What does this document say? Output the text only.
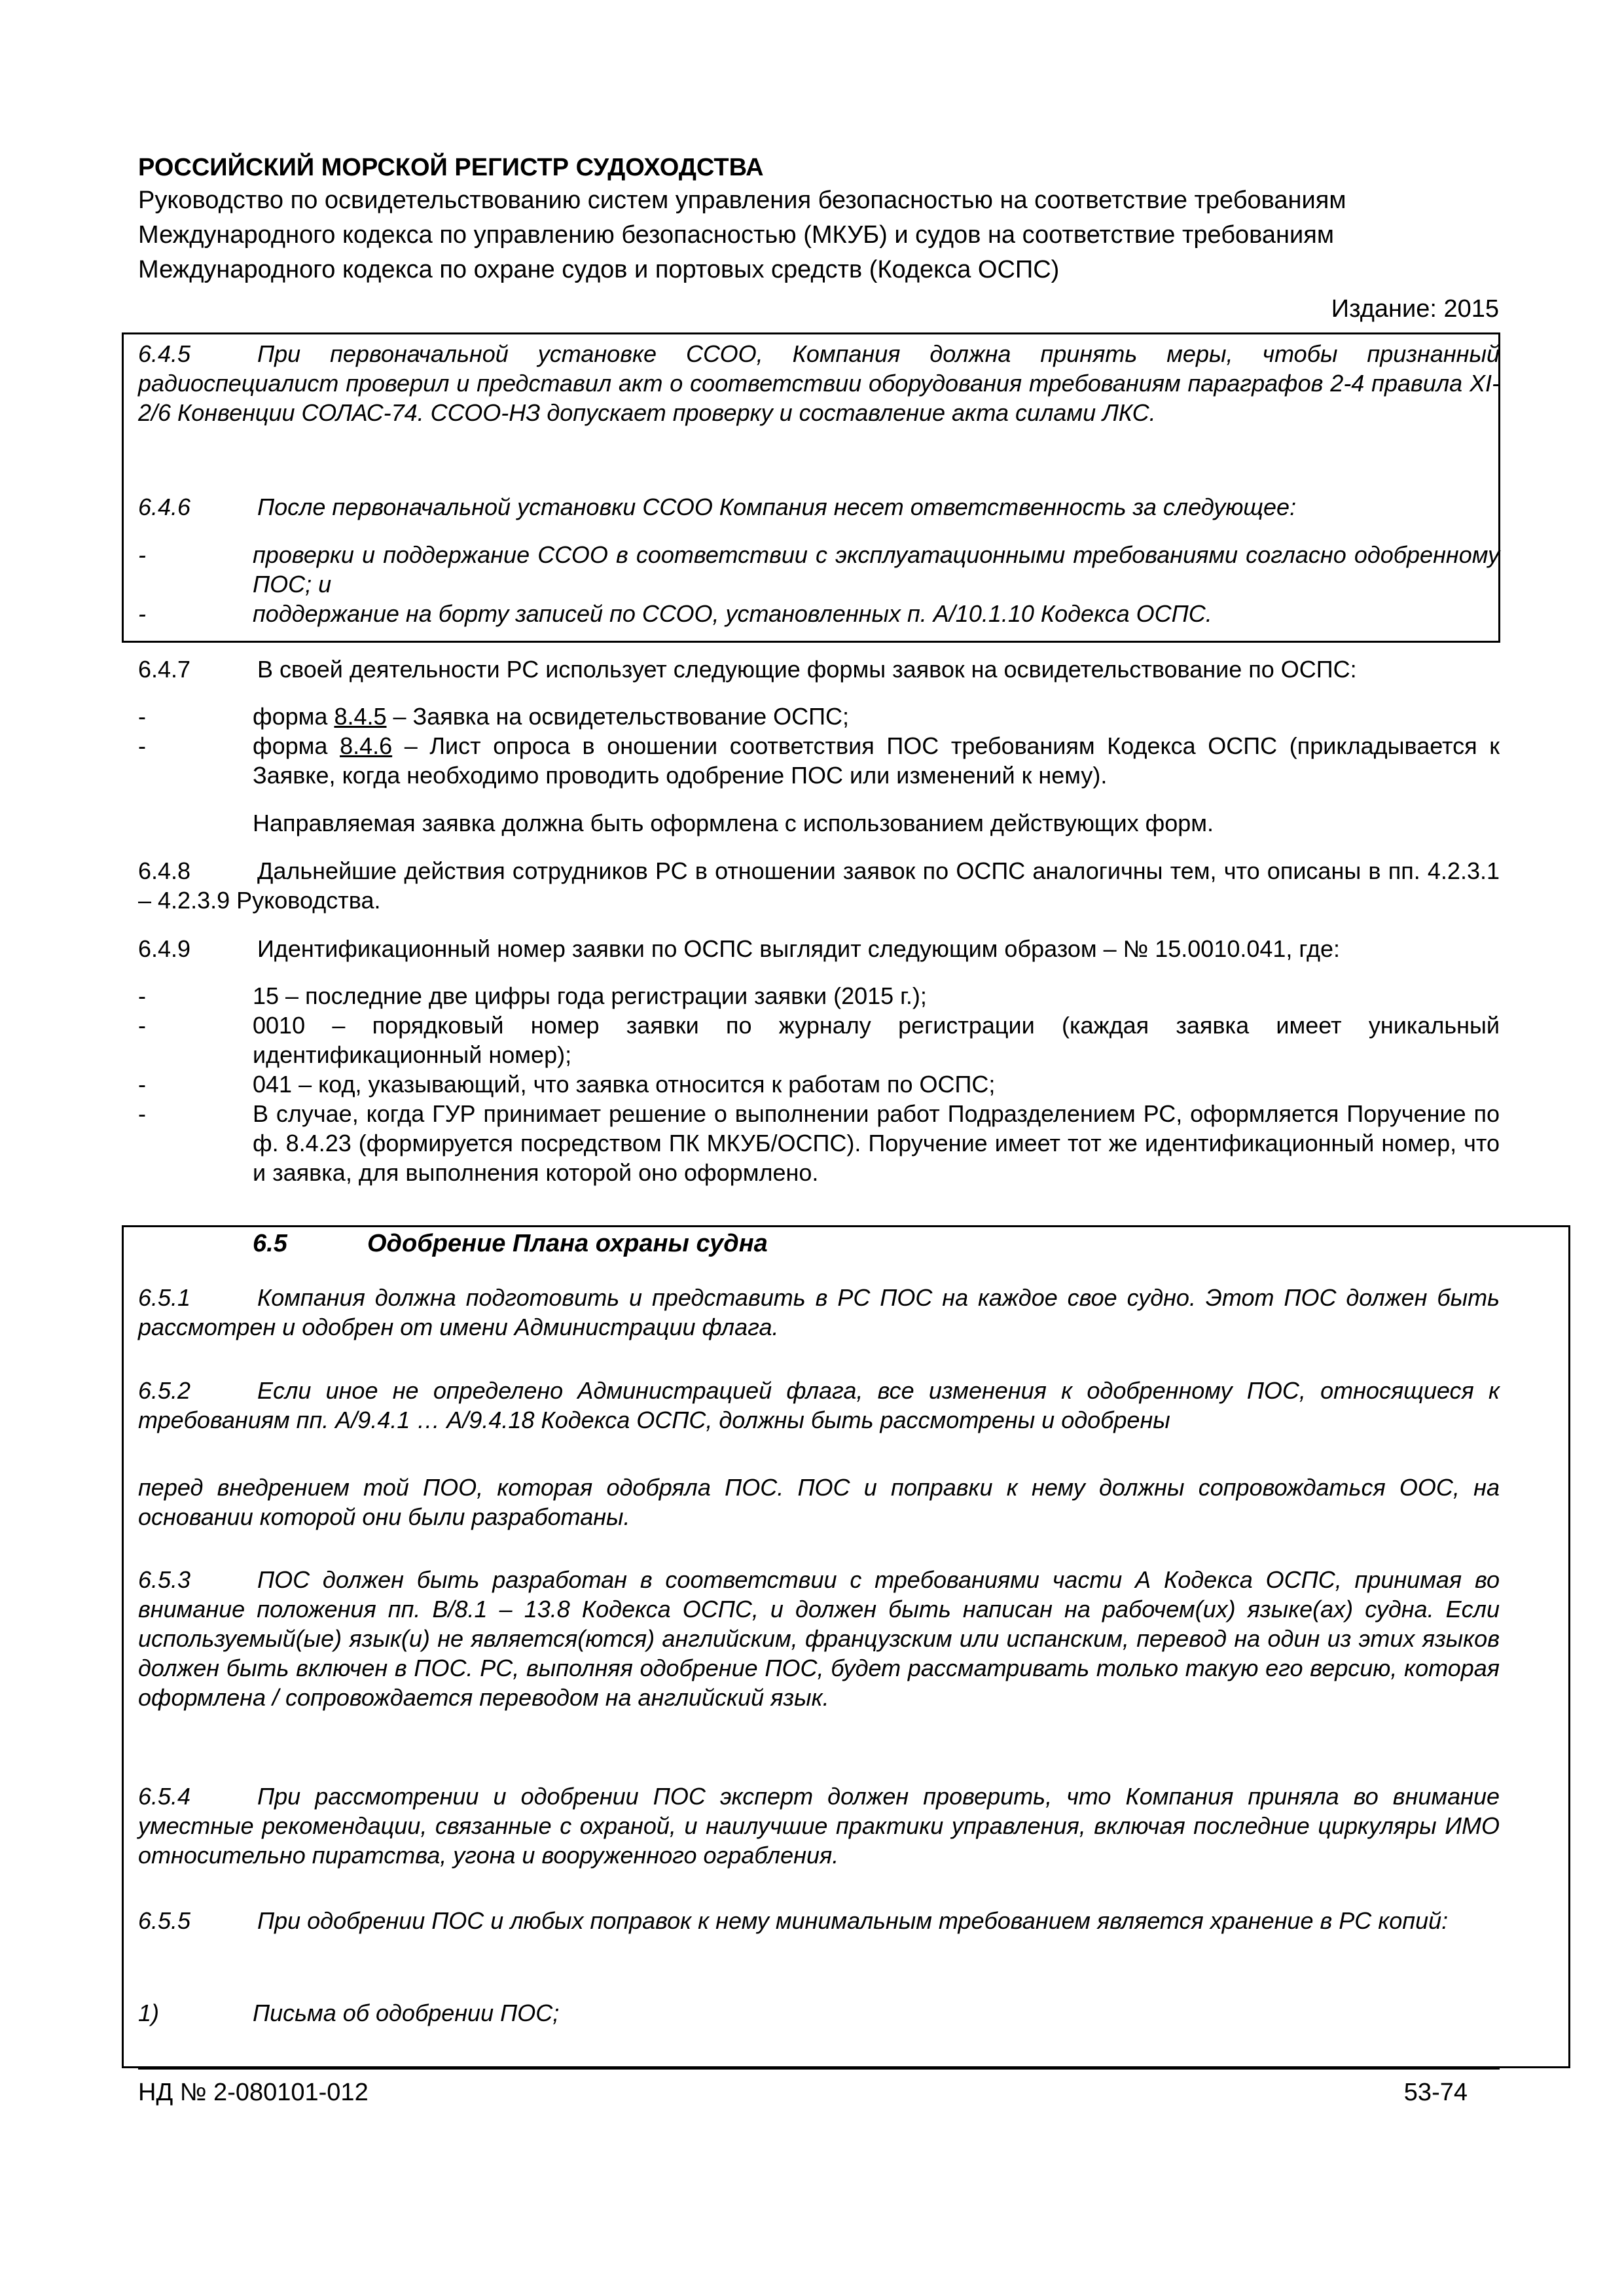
РОССИЙСКИЙ МОРСКОЙ РЕГИСТР СУДОХОДСТВА
Руководство по освидетельствованию систем управления безопасностью на соответствие требованиям
Международного кодекса по управлению безопасностью (МКУБ) и судов на соответствие требованиям
Международного кодекса по охране судов и портовых средств (Кодекса ОСПС)
Издание: 2015
6.4.5	При первоначальной установке ССОО, Компания должна принять меры, чтобы признанный радиоспециалист проверил и представил акт о соответствии оборудования требованиям параграфов 2-4 правила XI-2/6 Конвенции СОЛАС-74. ССОО-НЗ допускает проверку и составление акта силами ЛКС.
6.4.6	После первоначальной установки ССОО Компания несет ответственность за следующее:
-	проверки и поддержание ССОО в соответствии с эксплуатационными требованиями согласно одобренному ПОС; и
-	поддержание на борту записей по ССОО, установленных п. А/10.1.10 Кодекса ОСПС.
6.4.7	В своей деятельности РС использует следующие формы заявок на освидетельствование по ОСПС:
-	форма 8.4.5 – Заявка на освидетельствование ОСПС;
-	форма 8.4.6 – Лист опроса в оношении соответствия ПОС требованиям Кодекса ОСПС (прикладывается к Заявке, когда необходимо проводить одобрение ПОС или изменений к нему).
Направляемая заявка должна быть оформлена с использованием действующих форм.
6.4.8	Дальнейшие действия сотрудников РС в отношении заявок по ОСПС аналогичны тем, что описаны в пп. 4.2.3.1 – 4.2.3.9 Руководства.
6.4.9	Идентификационный номер заявки по ОСПС выглядит следующим образом – № 15.0010.041, где:
-	15 – последние две цифры года регистрации заявки (2015 г.);
-	0010 – порядковый номер заявки по журналу регистрации (каждая заявка имеет уникальный идентификационный номер);
-	041 – код, указывающий, что заявка относится к работам по ОСПС;
-	В случае, когда ГУР принимает решение о выполнении работ Подразделением РС, оформляется Поручение по ф. 8.4.23 (формируется посредством ПК МКУБ/ОСПС). Поручение имеет тот же идентификационный номер, что и заявка, для выполнения которой оно оформлено.
6.5	Одобрение Плана охраны судна
6.5.1	Компания должна подготовить и представить в РС ПОС на каждое свое судно. Этот ПОС должен быть рассмотрен и одобрен от имени Администрации флага.
6.5.2	Если иное не определено Администрацией флага, все изменения к одобренному ПОС, относящиеся к требованиям пп. А/9.4.1 … А/9.4.18 Кодекса ОСПС, должны быть рассмотрены и одобрены
перед внедрением той ПОО, которая одобряла ПОС. ПОС и поправки к нему должны сопровождаться ООС, на основании которой они были разработаны.
6.5.3	ПОС должен быть разработан в соответствии с требованиями части А Кодекса ОСПС, принимая во внимание положения пп. В/8.1 – 13.8 Кодекса ОСПС, и должен быть написан на рабочем(их) языке(ах) судна. Если используемый(ые) язык(и) не является(ются) английским, французским или испанским, перевод на один из этих языков должен быть включен в ПОС. РС, выполняя одобрение ПОС, будет рассматривать только такую его версию, которая оформлена / сопровождается переводом на английский язык.
6.5.4	При рассмотрении и одобрении ПОС эксперт должен проверить, что Компания приняла во внимание уместные рекомендации, связанные с охраной, и наилучшие практики управления, включая последние циркуляры ИМО относительно пиратства, угона и вооруженного ограбления.
6.5.5	При одобрении ПОС и любых поправок к нему минимальным требованием является хранение в РС копий:
1)	Письма об одобрении ПОС;
НД № 2-080101-012	53-74
